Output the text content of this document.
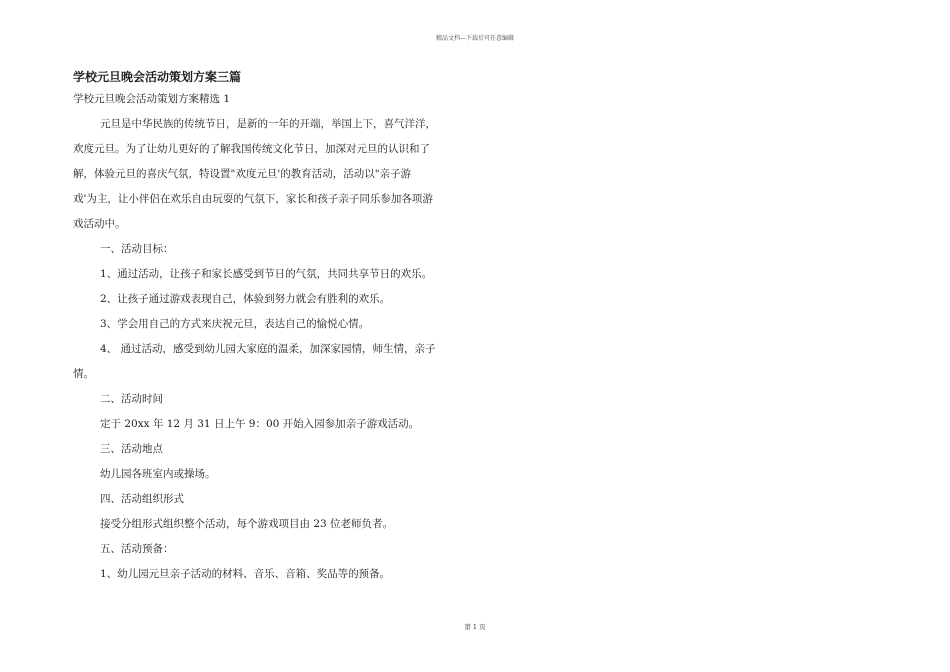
精品文档---下载后可任意编辑
学校元旦晚会活动策划方案三篇
学校元旦晚会活动策划方案精选 1
元旦是中华民族的传统节日，是新的一年的开端，举国上下，喜气洋洋，
欢度元旦。为了让幼儿更好的了解我国传统文化节日，加深对元旦的认识和了
解，体验元旦的喜庆气氛，特设置"欢度元旦'的教育活动，活动以"亲子游
戏'为主，让小伴侣在欢乐自由玩耍的气氛下，家长和孩子亲子同乐参加各项游
戏活动中。
一、活动目标：
1、通过活动，让孩子和家长感受到节日的气氛，共同共享节日的欢乐。
2、让孩子通过游戏表现自己，体验到努力就会有胜利的欢乐。
3、学会用自己的方式来庆祝元旦，表达自己的愉悦心情。
4、 通过活动，感受到幼儿园大家庭的温柔，加深家园情，师生情，亲子
情。
二、活动时间
定于 20xx 年 12 月 31 日上午 9：00 开始入园参加亲子游戏活动。
三、活动地点
幼儿园各班室内或操场。
四、活动组织形式
接受分组形式组织整个活动，每个游戏项目由 23 位老师负者。
五、活动预备：
1、幼儿园元旦亲子活动的材料、音乐、音箱、奖品等的预备。
第 1 页
